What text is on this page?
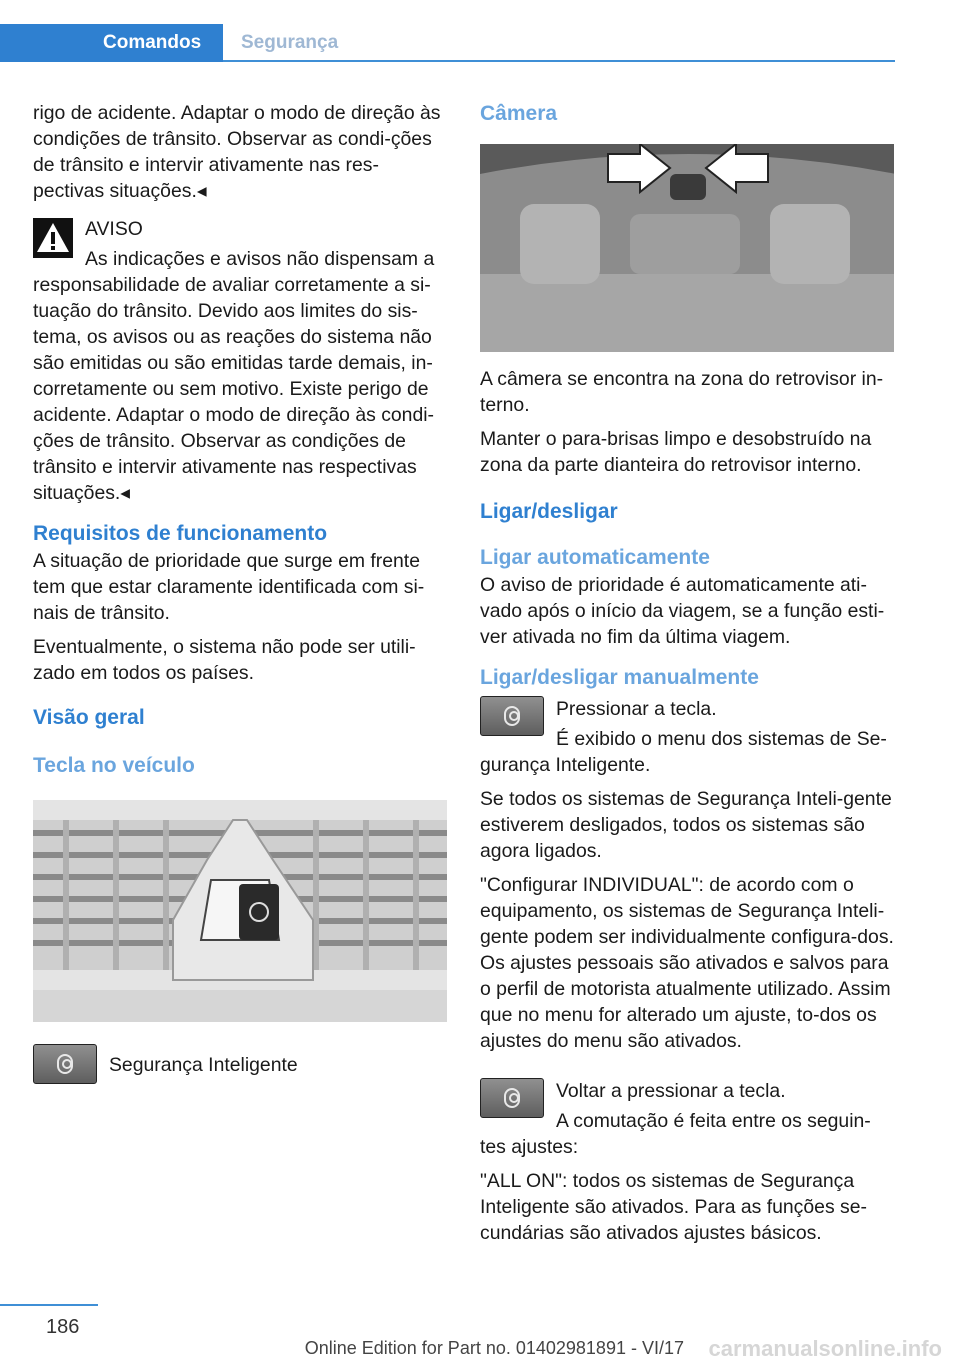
Comandos	Segurança

rigo de acidente. Adaptar o modo de direção às condições de trânsito. Observar as condi-ções de trânsito e intervir ativamente nas res-pectivas situações.◂

AVISO

As indicações e avisos não dispensam a responsabilidade de avaliar corretamente a si-tuação do trânsito. Devido aos limites do sis-tema, os avisos ou as reações do sistema não são emitidas ou são emitidas tarde demais, in-corretamente ou sem motivo. Existe perigo de acidente. Adaptar o modo de direção às condi-ções de trânsito. Observar as condições de trânsito e intervir ativamente nas respectivas situações.◂

Requisitos de funcionamento

A situação de prioridade que surge em frente tem que estar claramente identificada com si-nais de trânsito.

Eventualmente, o sistema não pode ser utili-zado em todos os países.

Visão geral
Tecla no veículo

Segurança Inteligente

Câmera

A câmera se encontra na zona do retrovisor in-terno.

Manter o para-brisas limpo e desobstruído na zona da parte dianteira do retrovisor interno.

Ligar/desligar
Ligar automaticamente

O aviso de prioridade é automaticamente ati-vado após o início da viagem, se a função esti-ver ativada no fim da última viagem.

Ligar/desligar manualmente

Pressionar a tecla.

É exibido o menu dos sistemas de Se-gurança Inteligente.

Se todos os sistemas de Segurança Inteli-gente estiverem desligados, todos os sistemas são agora ligados.

"Configurar INDIVIDUAL": de acordo com o equipamento, os sistemas de Segurança Inteli-gente podem ser individualmente configura-dos. Os ajustes pessoais são ativados e salvos para o perfil de motorista atualmente utilizado. Assim que no menu for alterado um ajuste, to-dos os ajustes do menu são ativados.

Voltar a pressionar a tecla.

A comutação é feita entre os seguin-tes ajustes:

"ALL ON": todos os sistemas de Segurança Inteligente são ativados. Para as funções se-cundárias são ativados ajustes básicos.

186
Online Edition for Part no. 01402981891 - VI/17 carmanualsonline.info
